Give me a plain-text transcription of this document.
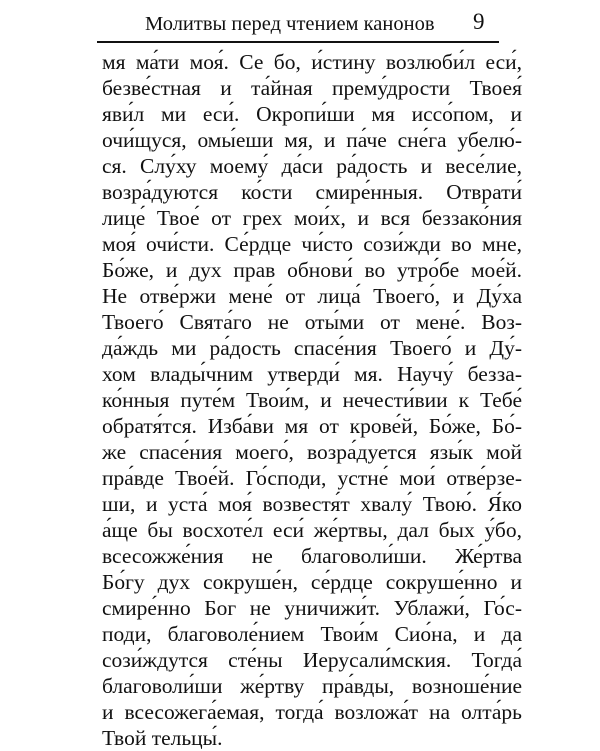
Молитвы перед чтением канонов 9
мя ма́ти моя́. Се бо, и́стину возлюби́л еси́,
безве́стная и та́йная прему́дрости Твоея́
яви́л ми еси́. Окропи́ши мя иссо́пом, и
очи́щуся, омы́еши мя, и па́че сне́га убелю́-
ся. Слу́ху моему́ да́си ра́дость и весе́лие,
возра́дуются ко́сти смире́нныя. Отврати́
лице́ Твое́ от грех мои́х, и вся беззако́ния
моя́ очи́сти. Се́рдце чи́сто сози́жди во мне,
Бо́же, и дух прав обнови́ во утро́бе мое́й.
Не отве́ржи мене́ от лица́ Твоего́, и Ду́ха
Твоего́ Свята́го не оты́ми от мене́. Воз-
да́ждь ми ра́дость спасе́ния Твоего́ и Ду́-
хом влады́чним утверди́ мя. Научу́ беззa-
ко́нныя путе́м Твои́м, и нечести́вии к Тебе́
обратя́тся. Изба́ви мя от крове́й, Бо́же, Бо́-
же спасе́ния моего́, возра́дуется язы́к мой
пра́вде Твое́й. Го́споди, устне́ мои́ отве́рзе-
ши, и уста́ моя́ возвестя́т хвалу́ Твою́. Я́ко
а́ще бы восхоте́л еси́ же́ртвы, дал бых у́бо,
всесожже́ния не благоволи́ши. Же́ртва
Бо́гу дух сокруше́н, се́рдце сокруше́нно и
смире́нно Бог не уничижи́т. Ублажи́, Го́с-
поди, благоволе́нием Твои́м Сио́на, и да
сози́ждутся сте́ны Иерусали́мския. Тогда́
благоволи́ши же́ртву пра́вды, возноше́ние
и всесожега́емая, тогда́ возложа́т на олта́рь
Твой тельцы́.
